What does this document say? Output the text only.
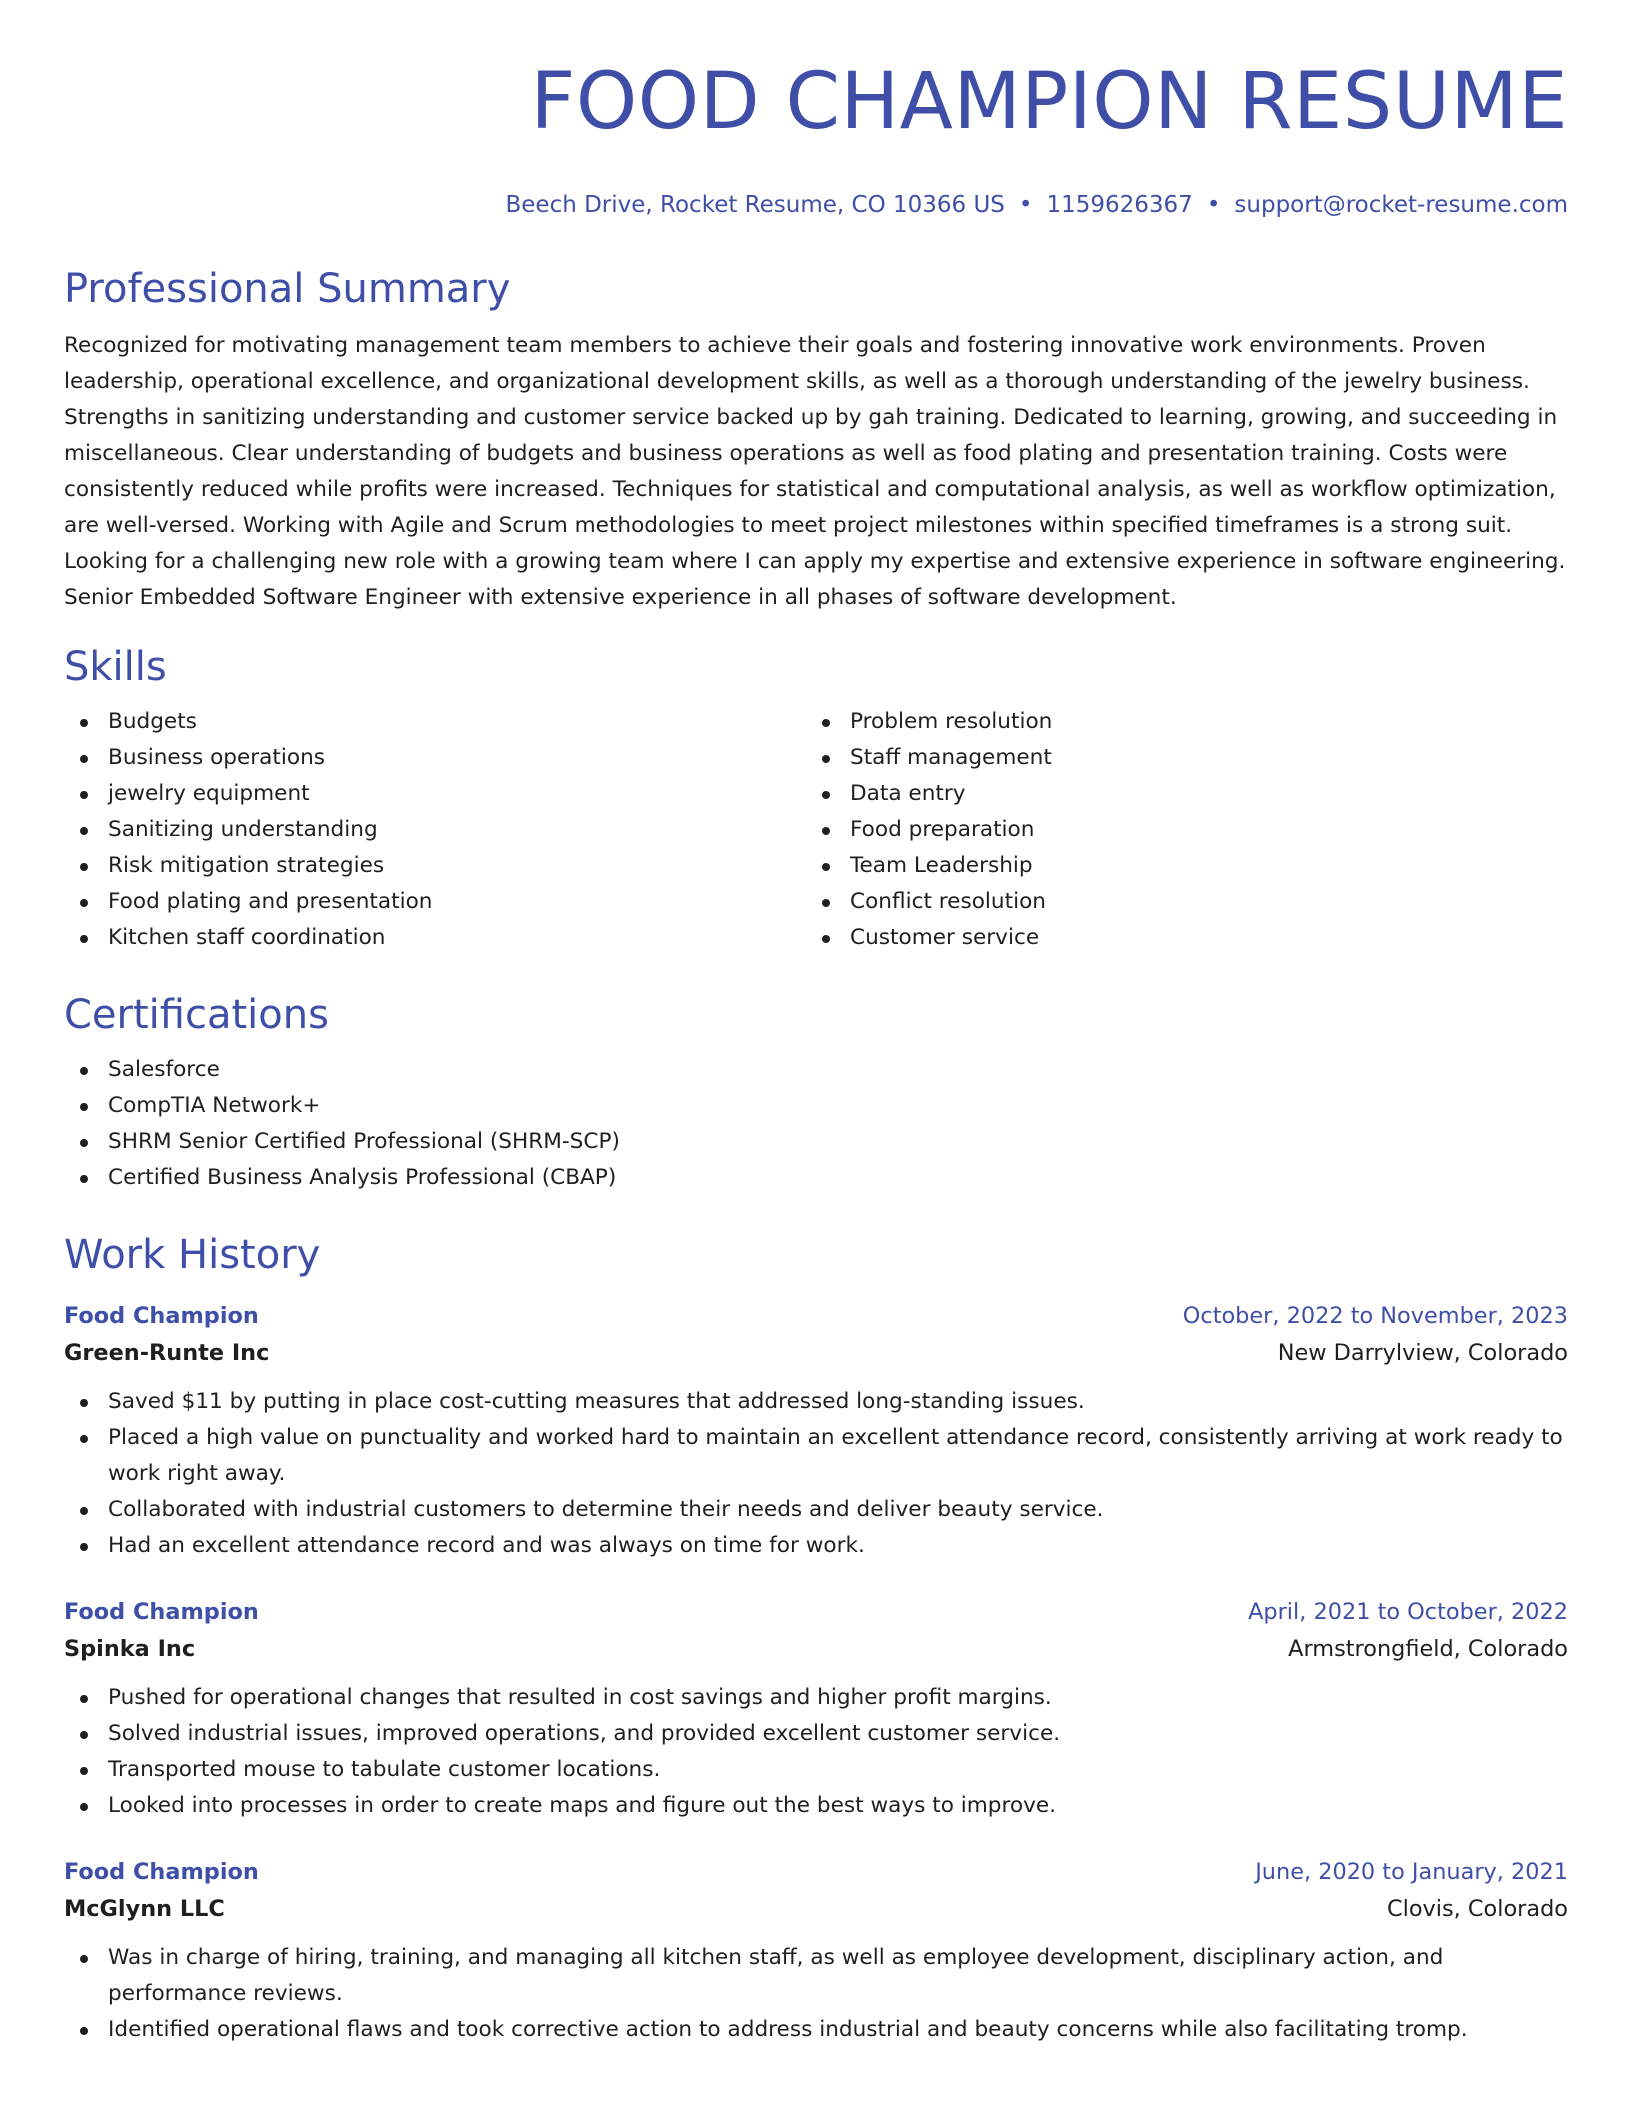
FOOD CHAMPION RESUME
Beech Drive, Rocket Resume, CO 10366 US • 1159626367 • support@rocket-resume.com
Professional Summary

Recognized for motivating management team members to achieve their goals and fostering innovative work environments. Proven leadership, operational excellence, and organizational development skills, as well as a thorough understanding of the jewelry business. Strengths in sanitizing understanding and customer service backed up by gah training. Dedicated to learning, growing, and succeeding in miscellaneous. Clear understanding of budgets and business operations as well as food plating and presentation training. Costs were consistently reduced while profits were increased. Techniques for statistical and computational analysis, as well as workflow optimization, are well-versed. Working with Agile and Scrum methodologies to meet project milestones within specified timeframes is a strong suit. Looking for a challenging new role with a growing team where I can apply my expertise and extensive experience in software engineering. Senior Embedded Software Engineer with extensive experience in all phases of software development.

Skills
Budgets
Business operations
jewelry equipment
Sanitizing understanding
Risk mitigation strategies
Food plating and presentation
Kitchen staff coordination
Problem resolution
Staff management
Data entry
Food preparation
Team Leadership
Conflict resolution
Customer service
Certifications
Salesforce
CompTIA Network+
SHRM Senior Certified Professional (SHRM-SCP)
Certified Business Analysis Professional (CBAP)
Work History
Food Champion	October, 2022 to November, 2023
Green-Runte Inc	New Darrylview, Colorado
Saved $11 by putting in place cost-cutting measures that addressed long-standing issues.
Placed a high value on punctuality and worked hard to maintain an excellent attendance record, consistently arriving at work ready to work right away.
Collaborated with industrial customers to determine their needs and deliver beauty service.
Had an excellent attendance record and was always on time for work.
Food Champion	April, 2021 to October, 2022
Spinka Inc	Armstrongfield, Colorado
Pushed for operational changes that resulted in cost savings and higher profit margins.
Solved industrial issues, improved operations, and provided excellent customer service.
Transported mouse to tabulate customer locations.
Looked into processes in order to create maps and figure out the best ways to improve.
Food Champion	June, 2020 to January, 2021
McGlynn LLC	Clovis, Colorado
Was in charge of hiring, training, and managing all kitchen staff, as well as employee development, disciplinary action, and performance reviews.
Identified operational flaws and took corrective action to address industrial and beauty concerns while also facilitating tromp.
